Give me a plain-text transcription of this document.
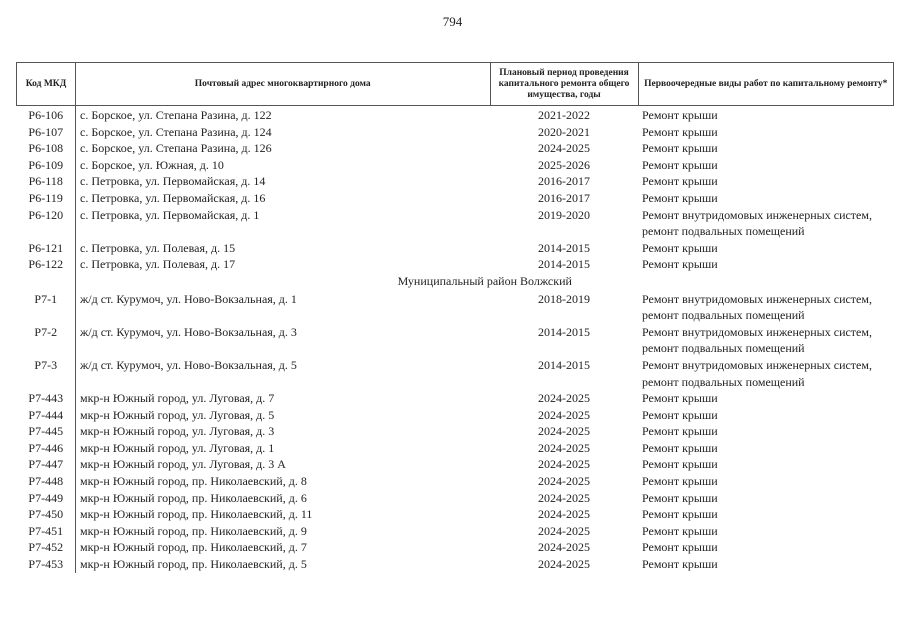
794
Код МКД	Почтовый адрес многоквартирного дома	Плановый период проведения капитального ремонта общего имущества, годы	Первоочередные виды работ по капитальному ремонту*
Р6-106	с. Борское, ул. Степана Разина, д. 122	2021-2022	Ремонт крыши
Р6-107	с. Борское, ул. Степана Разина, д. 124	2020-2021	Ремонт крыши
Р6-108	с. Борское, ул. Степана Разина, д. 126	2024-2025	Ремонт крыши
Р6-109	с. Борское, ул. Южная, д. 10	2025-2026	Ремонт крыши
Р6-118	с. Петровка, ул. Первомайская, д. 14	2016-2017	Ремонт крыши
Р6-119	с. Петровка, ул. Первомайская, д. 16	2016-2017	Ремонт крыши
Р6-120	с. Петровка, ул. Первомайская, д. 1	2019-2020	Ремонт внутридомовых инженерных систем, ремонт подвальных помещений
Р6-121	с. Петровка, ул. Полевая, д. 15	2014-2015	Ремонт крыши
Р6-122	с. Петровка, ул. Полевая, д. 17	2014-2015	Ремонт крыши
	Муниципальный район Волжский		
Р7-1	ж/д ст. Курумоч, ул. Ново-Вокзальная, д. 1	2018-2019	Ремонт внутридомовых инженерных систем, ремонт подвальных помещений
Р7-2	ж/д ст. Курумоч, ул. Ново-Вокзальная, д. 3	2014-2015	Ремонт внутридомовых инженерных систем, ремонт подвальных помещений
Р7-3	ж/д ст. Курумоч, ул. Ново-Вокзальная, д. 5	2014-2015	Ремонт внутридомовых инженерных систем, ремонт подвальных помещений
Р7-443	мкр-н Южный город, ул. Луговая, д. 7	2024-2025	Ремонт крыши
Р7-444	мкр-н Южный город, ул. Луговая, д. 5	2024-2025	Ремонт крыши
Р7-445	мкр-н Южный город, ул. Луговая, д. 3	2024-2025	Ремонт крыши
Р7-446	мкр-н Южный город, ул. Луговая, д. 1	2024-2025	Ремонт крыши
Р7-447	мкр-н Южный город, ул. Луговая, д. 3 А	2024-2025	Ремонт крыши
Р7-448	мкр-н Южный город, пр. Николаевский, д. 8	2024-2025	Ремонт крыши
Р7-449	мкр-н Южный город, пр. Николаевский, д. 6	2024-2025	Ремонт крыши
Р7-450	мкр-н Южный город, пр. Николаевский, д. 11	2024-2025	Ремонт крыши
Р7-451	мкр-н Южный город, пр. Николаевский, д. 9	2024-2025	Ремонт крыши
Р7-452	мкр-н Южный город, пр. Николаевский, д. 7	2024-2025	Ремонт крыши
Р7-453	мкр-н Южный город, пр. Николаевский, д. 5	2024-2025	Ремонт крыши
